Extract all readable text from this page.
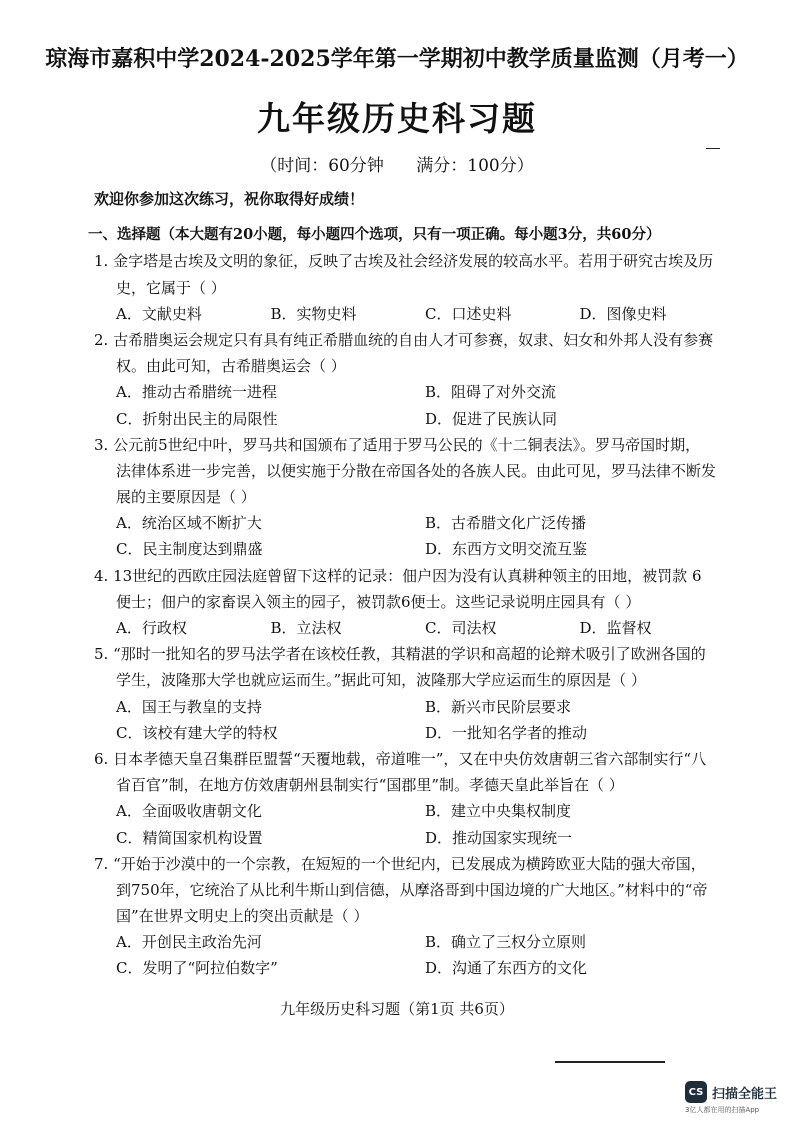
琼海市嘉积中学2024-2025学年第一学期初中教学质量监测（月考一）
九年级历史科习题
（时间：60分钟      满分：100分）
欢迎你参加这次练习，祝你取得好成绩！
一、选择题（本大题有20小题，每小题四个选项，只有一项正确。每小题3分，共60分）
1. 金字塔是古埃及文明的象征，反映了古埃及社会经济发展的较高水平。若用于研究古埃及历
史，它属于（ ）
A．文献史料	B．实物史料	C．口述史料	D．图像史料
2. 古希腊奥运会规定只有具有纯正希腊血统的自由人才可参赛，奴隶、妇女和外邦人没有参赛
权。由此可知，古希腊奥运会（ ）
A．推动古希腊统一进程	B．阻碍了对外交流
C．折射出民主的局限性	D．促进了民族认同
3. 公元前5世纪中叶，罗马共和国颁布了适用于罗马公民的《十二铜表法》。罗马帝国时期，
法律体系进一步完善，以便实施于分散在帝国各处的各族人民。由此可见，罗马法律不断发
展的主要原因是（ ）
A．统治区域不断扩大	B．古希腊文化广泛传播
C．民主制度达到鼎盛	D．东西方文明交流互鉴
4. 13世纪的西欧庄园法庭曾留下这样的记录：佃户因为没有认真耕种领主的田地，被罚款 6
便士；佃户的家畜误入领主的园子，被罚款6便士。这些记录说明庄园具有（ ）
A．行政权	B．立法权	C．司法权	D．监督权
5. “那时一批知名的罗马法学者在该校任教，其精湛的学识和高超的论辩术吸引了欧洲各国的
学生，波隆那大学也就应运而生。”据此可知，波隆那大学应运而生的原因是（ ）
A．国王与教皇的支持	B．新兴市民阶层要求
C．该校有建大学的特权	D．一批知名学者的推动
6. 日本孝德天皇召集群臣盟誓“天覆地载，帝道唯一”，又在中央仿效唐朝三省六部制实行“八
省百官”制，在地方仿效唐朝州县制实行“国郡里”制。孝德天皇此举旨在（ ）
A．全面吸收唐朝文化	B．建立中央集权制度
C．精简国家机构设置	D．推动国家实现统一
7. “开始于沙漠中的一个宗教，在短短的一个世纪内，已发展成为横跨欧亚大陆的强大帝国，
到750年，它统治了从比利牛斯山到信德，从摩洛哥到中国边境的广大地区。”材料中的“帝
国”在世界文明史上的突出贡献是（ ）
A．开创民主政治先河	B．确立了三权分立原则
C．发明了“阿拉伯数字”	D．沟通了东西方的文化
九年级历史科习题（第1页 共6页）
CS 扫描全能王
3亿人都在用的扫描App
